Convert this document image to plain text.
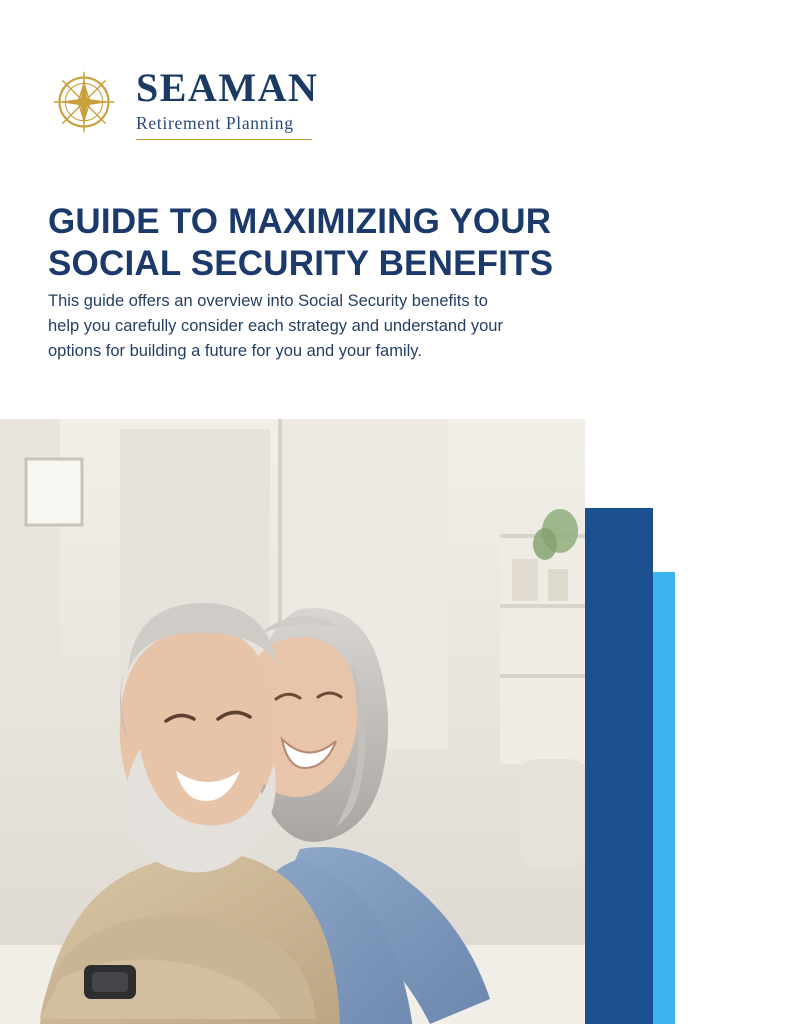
SEAMAN
Retirement Planning
GUIDE TO MAXIMIZING YOUR SOCIAL SECURITY BENEFITS

This guide offers an overview into Social Security benefits to help you carefully consider each strategy and understand your options for building a future for you and your family.
